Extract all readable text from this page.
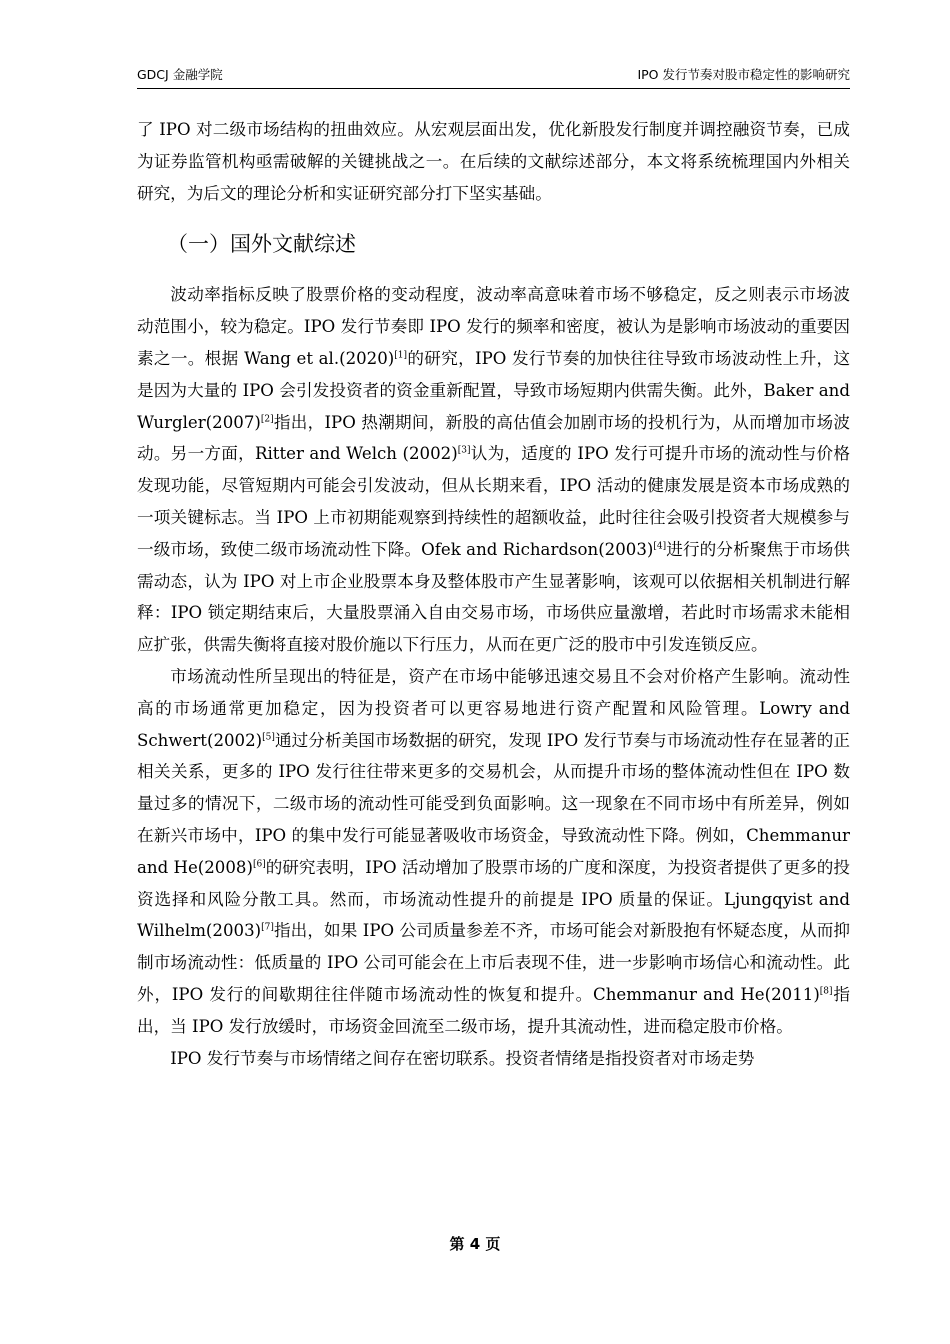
GDCJ 金融学院	IPO 发行节奏对股市稳定性的影响研究

了 IPO 对二级市场结构的扭曲效应。从宏观层面出发，优化新股发行制度并调控融资节奏，已成为证券监管机构亟需破解的关键挑战之一。在后续的文献综述部分，本文将系统梳理国内外相关研究，为后文的理论分析和实证研究部分打下坚实基础。

（一）国外文献综述

波动率指标反映了股票价格的变动程度，波动率高意味着市场不够稳定，反之则表示市场波动范围小，较为稳定。IPO 发行节奏即 IPO 发行的频率和密度，被认为是影响市场波动的重要因素之一。根据 Wang et al.(2020)[1]的研究，IPO 发行节奏的加快往往导致市场波动性上升，这是因为大量的 IPO 会引发投资者的资金重新配置，导致市场短期内供需失衡。此外，Baker and Wurgler(2007)[2]指出，IPO 热潮期间，新股的高估值会加剧市场的投机行为，从而增加市场波动。另一方面，Ritter and Welch (2002)[3]认为，适度的 IPO 发行可提升市场的流动性与价格发现功能，尽管短期内可能会引发波动，但从长期来看，IPO 活动的健康发展是资本市场成熟的一项关键标志。当 IPO 上市初期能观察到持续性的超额收益，此时往往会吸引投资者大规模参与一级市场，致使二级市场流动性下降。Ofek and Richardson(2003)[4]进行的分析聚焦于市场供需动态，认为 IPO 对上市企业股票本身及整体股市产生显著影响，该观可以依据相关机制进行解释：IPO 锁定期结束后，大量股票涌入自由交易市场，市场供应量激增，若此时市场需求未能相应扩张，供需失衡将直接对股价施以下行压力，从而在更广泛的股市中引发连锁反应。

市场流动性所呈现出的特征是，资产在市场中能够迅速交易且不会对价格产生影响。流动性高的市场通常更加稳定，因为投资者可以更容易地进行资产配置和风险管理。Lowry and Schwert(2002)[5]通过分析美国市场数据的研究，发现 IPO 发行节奏与市场流动性存在显著的正相关关系，更多的 IPO 发行往往带来更多的交易机会，从而提升市场的整体流动性但在 IPO 数量过多的情况下，二级市场的流动性可能受到负面影响。这一现象在不同市场中有所差异，例如在新兴市场中，IPO 的集中发行可能显著吸收市场资金，导致流动性下降。例如，Chemmanur and He(2008)[6]的研究表明，IPO 活动增加了股票市场的广度和深度，为投资者提供了更多的投资选择和风险分散工具。然而，市场流动性提升的前提是 IPO 质量的保证。Ljungqyist and Wilhelm(2003)[7]指出，如果 IPO 公司质量参差不齐，市场可能会对新股抱有怀疑态度，从而抑制市场流动性：低质量的 IPO 公司可能会在上市后表现不佳，进一步影响市场信心和流动性。此外，IPO 发行的间歇期往往伴随市场流动性的恢复和提升。Chemmanur and He(2011)[8]指出，当 IPO 发行放缓时，市场资金回流至二级市场，提升其流动性，进而稳定股市价格。

IPO 发行节奏与市场情绪之间存在密切联系。投资者情绪是指投资者对市场走势

第 4 页
